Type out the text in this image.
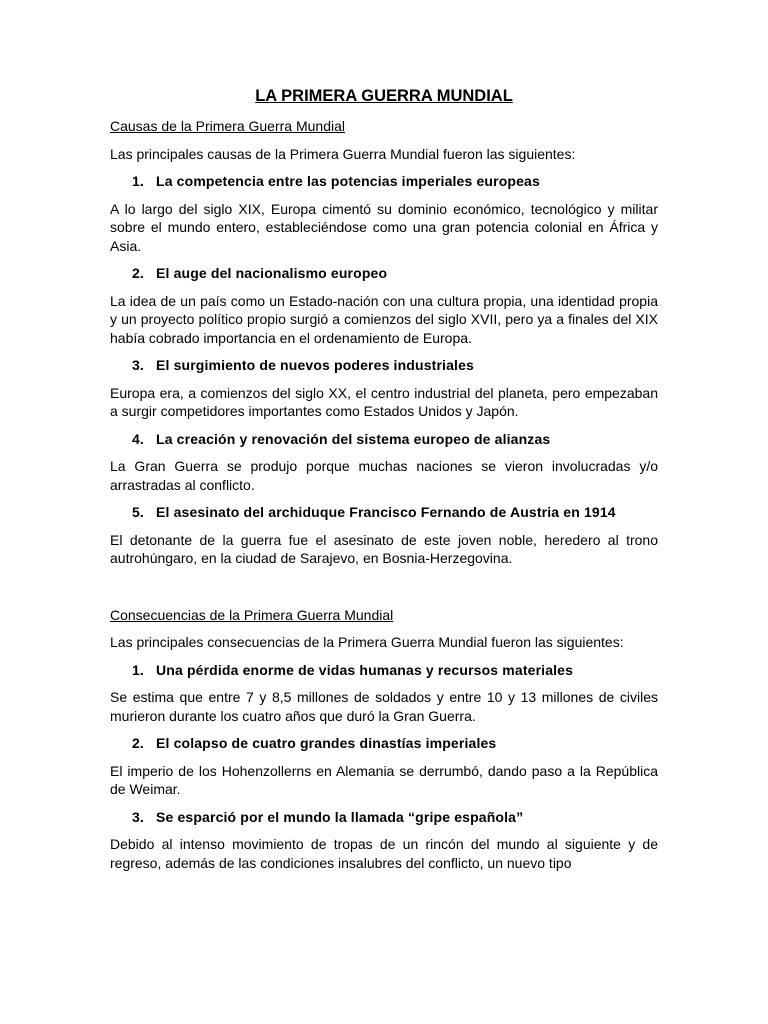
LA PRIMERA GUERRA MUNDIAL
Causas de la Primera Guerra Mundial

Las principales causas de la Primera Guerra Mundial fueron las siguientes:

1. La competencia entre las potencias imperiales europeas

A lo largo del siglo XIX, Europa cimentó su dominio económico, tecnológico y militar sobre el mundo entero, estableciéndose como una gran potencia colonial en África y Asia.

2. El auge del nacionalismo europeo

La idea de un país como un Estado-nación con una cultura propia, una identidad propia y un proyecto político propio surgió a comienzos del siglo XVII, pero ya a finales del XIX había cobrado importancia en el ordenamiento de Europa.

3. El surgimiento de nuevos poderes industriales

Europa era, a comienzos del siglo XX, el centro industrial del planeta, pero empezaban a surgir competidores importantes como Estados Unidos y Japón.

4. La creación y renovación del sistema europeo de alianzas

La Gran Guerra se produjo porque muchas naciones se vieron involucradas y/o arrastradas al conflicto.

5. El asesinato del archiduque Francisco Fernando de Austria en 1914

El detonante de la guerra fue el asesinato de este joven noble, heredero al trono autrohúngaro, en la ciudad de Sarajevo, en Bosnia-Herzegovina.

Consecuencias de la Primera Guerra Mundial

Las principales consecuencias de la Primera Guerra Mundial fueron las siguientes:

1. Una pérdida enorme de vidas humanas y recursos materiales

Se estima que entre 7 y 8,5 millones de soldados y entre 10 y 13 millones de civiles murieron durante los cuatro años que duró la Gran Guerra.

2. El colapso de cuatro grandes dinastías imperiales

El imperio de los Hohenzollerns en Alemania se derrumbó, dando paso a la República de Weimar.

3. Se esparció por el mundo la llamada “gripe española”

Debido al intenso movimiento de tropas de un rincón del mundo al siguiente y de regreso, además de las condiciones insalubres del conflicto, un nuevo tipo
